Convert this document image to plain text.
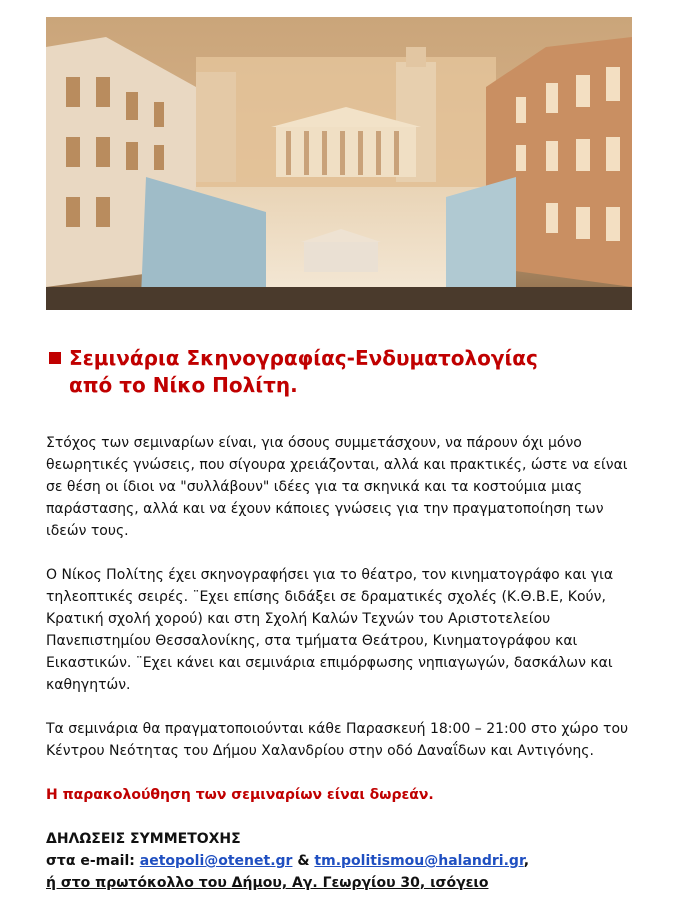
Σεμινάρια Σκηνογραφίας-Ενδυματολογίας
από το Νίκο Πολίτη.

Στόχος των σεμιναρίων είναι, για όσους συμμετάσχουν, να πάρουν όχι μόνο θεωρητικές γνώσεις, που σίγουρα χρειάζονται, αλλά και πρακτικές, ώστε να είναι σε θέση οι ίδιοι να "συλλάβουν" ιδέες για τα σκηνικά και τα κοστούμια μιας παράστασης, αλλά και να έχουν κάποιες γνώσεις για την πραγματοποίηση των ιδεών τους.

Ο Νίκος Πολίτης έχει σκηνογραφήσει για το θέατρο, τον κινηματογράφο και για τηλεοπτικές σειρές. ¨Εχει επίσης διδάξει σε δραματικές σχολές (Κ.Θ.Β.Ε, Κούν, Κρατική σχολή χορού) και στη Σχολή Καλών Τεχνών του Αριστοτελείου Πανεπιστημίου Θεσσαλονίκης, στα τμήματα Θεάτρου, Κινηματογράφου και Εικαστικών. ¨Εχει κάνει και σεμινάρια επιμόρφωσης νηπιαγωγών, δασκάλων και καθηγητών.

Τα σεμινάρια θα πραγματοποιούνται κάθε Παρασκευή 18:00 – 21:00 στο χώρο του Κέντρου Νεότητας του Δήμου Χαλανδρίου στην οδό Δαναΐδων και Αντιγόνης.

Η παρακολούθηση των σεμιναρίων είναι δωρεάν.

ΔΗΛΩΣΕΙΣ ΣΥΜΜΕΤΟΧΗΣ
στα e-mail: aetopoli@otenet.gr & tm.politismou@halandri.gr,
ή στο πρωτόκολλο του Δήμου, Αγ. Γεωργίου 30, ισόγειο
